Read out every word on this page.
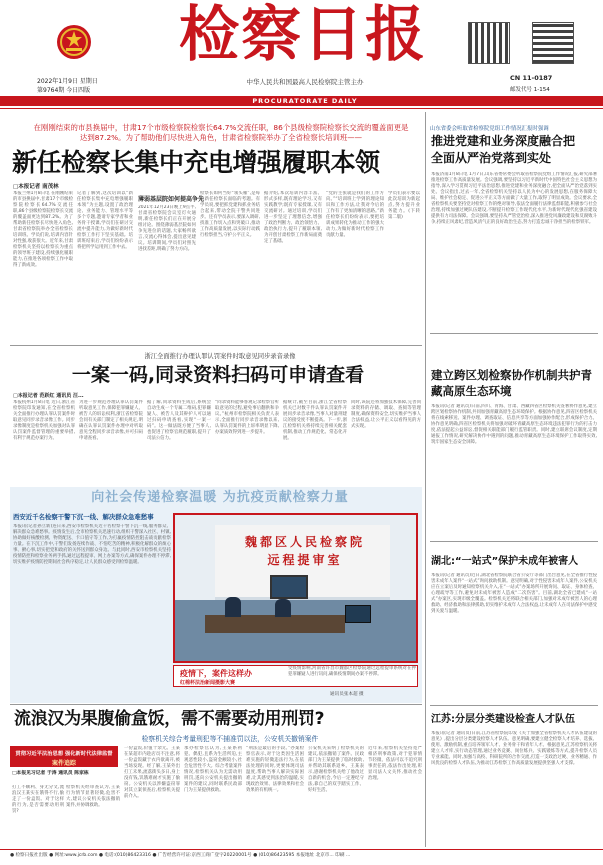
2022年1月9日 星期日
第9764期 今日四版
检察日报
中华人民共和国最高人民检察院主管主办	CN 11-0187
邮发代号 1-154
PROCURATORATE DAILY
在刚刚结束的市县换届中，甘肃17个市级检察院检察长64.7%交流任职，86个县级检察院检察长交流的覆盖面更是达到87.2%。为了帮助他们尽快进入角色，甘肃省检察院举办了全省检察长培训班——
新任检察长集中充电增强履职本领
□本报记者 南茂林
本报兰州1月8日电 在刚刚结束的市县换届中,甘肃17个市级检察院检察长64.7%交流任职,86个县级检察院检察长交流的覆盖面更达到87.2%。为了帮助新任检察长尽快进入角色,甘肃省检察院举办全省检察长培训班。学员们说,培训内容针对性强,收获很大。近年来,甘肃检察机关坚持以检察长为重点的领导班子建设,持续强化履职能力,在推进各项检察工作中取得了新成效。
记者了解到,这次培训以“新任检察长集中充电增强履职本领”为主题,设置了政治理论、业务能力、管理水平等多个专题,邀请专家学者和业务骨干授课,学员们在研讨交流中提升能力,为做好新时代检察工作打下坚实基础。培训班结束后,学员们纷纷表示将把所学运用到工作中去。
薄弱基层院如何提高争先
2021年12月23日晚上9点半,甘肃省检察院会议室灯火通明,新任检察长们正在开展分组讨论。围绕薄弱基层院如何争先进位的话题,大家畅所欲言,交流心得体会,提出意见建议。培训期间,学员们对照先进找差距,明确了努力方向。
检察长如何当好“领头雁”,是每位新任检察长面临的考题。有学员说,要把抓党建和抓业务结合起来,带动全院干警共同进步。还有学员表示,要深入调研,找准工作切入点和突破口,推动工作高质量发展,以实际行动践行检察担当,守护公平正义。
据介绍,本次培训内容丰富、形式多样,既有理论学习,又有实践教学;既有专家授课,又有交流研讨。通过培训,学员们进一步坚定了理想信念,增强了政治判断力、政治领悟力、政治执行力,提升了履职本领,为开创甘肃检察工作新局面奠定了基础。
“党的主张就是我们的工作方向。”“培训班上学到的理论知识和工作方法,让我对今后的工作有了更加清晰的思路。”新任检察长们纷纷表示,要把培训成果转化为推动工作的强大动力,为做好新时代检察工作贡献力量。
学员们表示要以此次培训为新起点,努力提升业务能力。(下转第二版)
浙江全面推行办理认罪认罚案件时取意见同步录音录像
一案一码,同录资料扫码可申请查看
□本报记者 范跃红 通讯员 汪...
本报杭州1月8日电 近日,浙江省检察院印发通知,在全省检察机关全面推行办理认罪认罚案件时取意见同步录音录像工作。同步录像制度是检察机关加强对认罪认罚案件监督管理的重要举措,有利于规范办案行为。
为进一步规范办理认罪认罚案件听取意见工作,保障犯罪嫌疑人、被告人的诉讼权利,浙江省检察院会同有关部门制定了相关规定,明确在认罪认罚案件办理中对听取意见全程同步录音录像,并可扫码申请查看。
据了解,同录资料生成后,系统会自动生成一个专属二维码,犯罪嫌疑人、被告人及其辩护人可以通过扫码申请查看,实现“一案一码”。这一做法既方便了当事人,也促进了检察官规范履职,提升了司法公信力。
“同录资料能够客观记录检察官听取意见的过程,避免事后翻供和争议。”杭州市检察院相关负责人表示,全面推行同步录音录像以来,认罪认罚案件的上诉率明显下降,办案质效得到进一步提升。
据统计,截至目前,浙江全省检察机关已对数千件认罪认罚案件开展同步录音录像,当事人对量刑建议的接受度不断提高。下一步,浙江检察机关将持续完善相关配套机制,推动工作规范化、常态化开展。
同时,该院还将加强技术保障,完善同录资料的存储、调取、查阅等管理制度,确保资料安全,切实维护当事人合法权益,让公平正义以看得见的方式实现。
向社会传递检察温暖 为抗疫贡献检察力量
西安近千名检察干警下沉一线、解决群众急难愁事
本报讯(记者孙立新)连日来,西安市检察机关近千名检察干警下沉一线,服务群众、解决群众急难愁事。疫情发生后,全市检察机关迅速行动,组织干警深入社区、村镇,协助做好核酸检测、物资配送、卡口值守等工作,为打赢疫情防控阻击战贡献检察力量。在下沉工作中,干警们发扬连续作战、不怕吃苦的精神,积极化解群众的烦心事、揪心事,切实把党和政府的关怀送到群众身边。与此同时,西安市检察机关坚持疫情防控和检察业务两手抓,通过远程提审、网上办案等方式,确保案件办理不停滞,切实维护疫情防控期间社会秩序稳定,让人民群众感受到检察温暖。
魏都区人民检察院
远程提审室
疫情下，案件这样办
红棉杯法治新闻摄影大赛
受疫情影响,河南省许昌市魏都区检察院通过远程提审系统对在押犯罪嫌疑人进行讯问,确保疫情期间办案不停滞。
通讯员张本超 摄
流浪汉为果腹偷盒饭，需不需要动用刑罚?
检察机关综合考量刑犯等不捕准罚以法，公安机关撤销案件
贯彻习近平法治思想 强化新时代法律监督
案件追踪
□本报见习记者 于涛 通讯员 陈家栋
打工不顺利、身无分文,流浪汉王某实在饿得不行,偷走了一份盒饭。对于这样的行为,是否需要动用刑罚?
检察机关经审查认为,王某行为情节显著轻微,危害不大,建议公安机关依法撤销案件,并协调救助。
一份盒饭,价值十余元。王某在某超市内趁店员不注意,将一份盒饭藏于衣内欲离开,被当场发现。经了解,王某外出打工未果,流落街头多日,身上没有钱,饥饿难耐才实施了偷窃。公安机关以涉嫌盗窃罪对其立案侦查后,检察机关提前介入。
承办检察官认为,王某系初犯、偶犯,且系为生活所迫,主观恶性较小,盗窃金额较小,社会危害性不大。综合考量案件情况,检察机关认为无需动用刑罚,遂向公安机关提出撤销案件的建议,同时联系民政部门为王某提供救助。
“刑法是最后的手段。”办案检察官表示,对于这类因生活困难实施的轻微违法行为,在依法处理的同时,更要体现司法温度,帮助当事人解决实际困难,让其感受到法治的温暖,实现政治效果、法律效果和社会效果的有机统一。
公安机关采纳了检察机关的建议,依法撤销了案件。民政部门为王某提供了临时救助,并帮助其联系返乡。王某表示,感谢检察机关给了他改过自新的机会,今后一定遵纪守法,靠自己的双手踏实工作、好好生活。
近年来,检察机关坚持宽严相济刑事政策,对于犯罪情节轻微、依法可以不追究刑事责任的,依法作出处理,彰显司法人文关怀,推动社会治理。
山东省委会听取省检察院党组工作情况汇报时强调
推进党建和业务深度融合把全面从严治党落到实处
本报济南1月8日电 1月7日,山东省委常委会听取省检察院党组工作情况汇报,研究部署推进检察工作高质量发展。会议强调,要坚持以习近平新时代中国特色社会主义思想为指导,深入学习贯彻习近平法治思想,推进党建和业务深度融合,把全面从严治党落到实处。会议指出,过去一年,全省检察机关坚持以人民为中心的发展思想,在服务保障大局、维护社会稳定、促进公平正义等方面做了大量工作,取得了明显成效。会议要求,全省检察机关要坚持党对检察工作的绝对领导,依法全面履行法律监督职能,积极参与社会治理,持续加强过硬队伍建设,不断提升检察工作现代化水平,为新时代现代化强省建设提供有力司法保障。会议强调,要坚持从严管党治检,深入推进党风廉政建设和反腐败斗争,持续正风肃纪,营造风清气正的良好政治生态,努力打造忠诚干净担当的检察铁军。
建立跨区划检察协作机制共护青藏高原生态环境
本报讯(记者 通讯员)日前,四川、青海、甘肃、西藏四省区检察机关签署协作意见,建立跨区划检察协作机制,共同加强青藏高原生态环境保护。根据协作意见,四省区检察机关将在线索移送、案件办理、调查取证、信息共享等方面加强协作配合,形成保护合力。协作意见明确,四省区检察机关将加强对破坏青藏高原生态环境违法犯罪行为的打击力度,依法提起公益诉讼,督促相关职能部门履行监管职责。同时,建立联席会议制度,定期通报工作情况,研究解决协作中遇到的问题,推动青藏高原生态环境保护工作取得实效,筑牢国家生态安全屏障。
湖北:“一站式”保护未成年被害人
本报讯(记者 通讯员)近日,湖北省检察院联合省公安厅等部门出台意见,在全省推行性侵害未成年人案件“一站式”询问救助机制。意见明确,对于性侵害未成年人案件,公安机关应在立案后及时通知检察机关介入,在“一站式”办案场所开展询问、取证、身体检查、心理疏导等工作,避免对未成年被害人造成“二次伤害”。目前,湖北全省已建成“一站式”办案区,实现市级全覆盖。检察机关还将联合相关部门,加强对未成年被害人的心理救助、经济救助和法律援助,切实维护未成年人合法权益,让未成年人在司法保护中感受到关爱与温暖。
江苏:分层分类建设检查人才队伍
本报讯(记者 通讯员)日前,江苏省检察院印发《关于加强全省检察机关人才队伍建设的意见》,提出分层分类建设检察人才队伍。意见明确,要建立健全检察人才培养、选拔、使用、激励机制,重点培养领军人才、业务骨干和青年人才。根据意见,江苏检察机关将建立人才库,实行动态管理,通过业务竞赛、岗位练兵、实践锻炼等方式,提升检察人员专业素能。同时,加强与高校、科研院所的合作交流,打造一支政治过硬、业务精通、作风优良的检察人才队伍,为推动江苏检察工作高质量发展提供坚强人才支撑。
● 检察日报社出版 ● 网址:www.jcrb.com ● 电话:(010)86423316 ● 广告经营许可证:京西工商广登字20220001号 ● (010)86423595 本报地址 北京市... 印刷 ...
